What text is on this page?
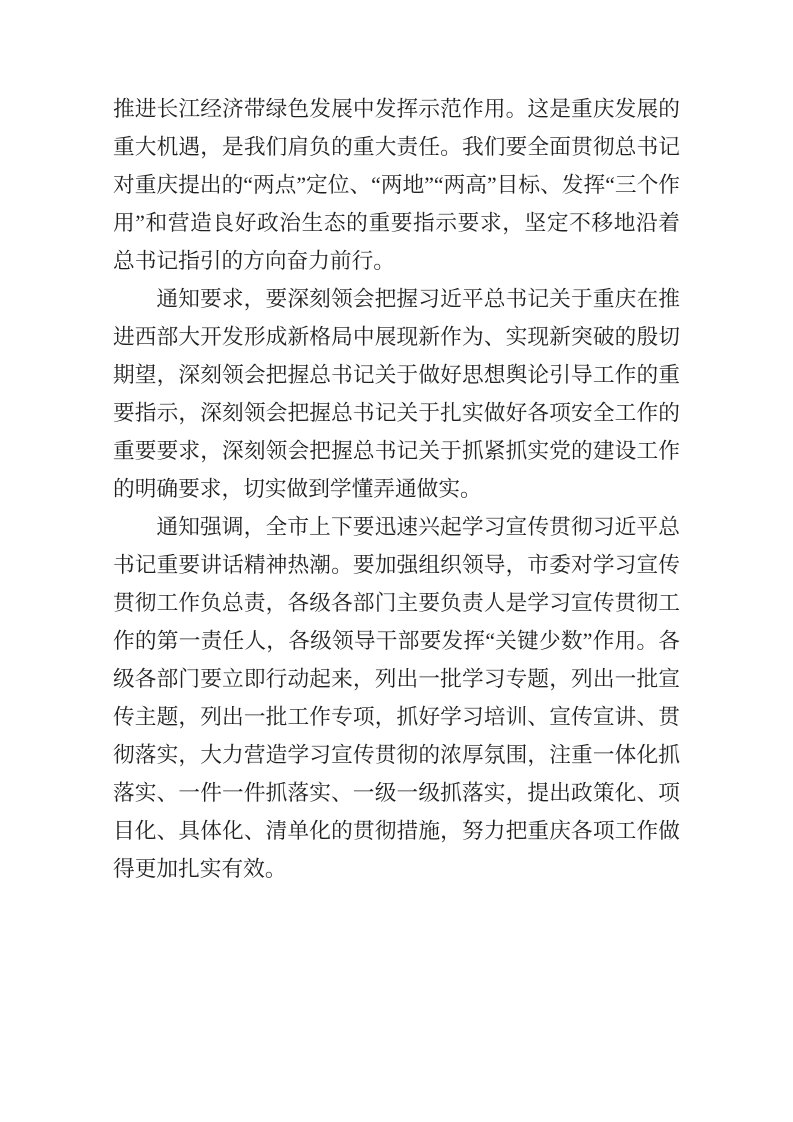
推进长江经济带绿色发展中发挥示范作用。这是重庆发展的重大机遇，是我们肩负的重大责任。我们要全面贯彻总书记对重庆提出的“两点”定位、“两地”“两高”目标、发挥“三个作用”和营造良好政治生态的重要指示要求，坚定不移地沿着总书记指引的方向奋力前行。

通知要求，要深刻领会把握习近平总书记关于重庆在推进西部大开发形成新格局中展现新作为、实现新突破的殷切期望，深刻领会把握总书记关于做好思想舆论引导工作的重要指示，深刻领会把握总书记关于扎实做好各项安全工作的重要要求，深刻领会把握总书记关于抓紧抓实党的建设工作的明确要求，切实做到学懂弄通做实。

通知强调，全市上下要迅速兴起学习宣传贯彻习近平总书记重要讲话精神热潮。要加强组织领导，市委对学习宣传贯彻工作负总责，各级各部门主要负责人是学习宣传贯彻工作的第一责任人，各级领导干部要发挥“关键少数”作用。各级各部门要立即行动起来，列出一批学习专题，列出一批宣传主题，列出一批工作专项，抓好学习培训、宣传宣讲、贯彻落实，大力营造学习宣传贯彻的浓厚氛围，注重一体化抓落实、一件一件抓落实、一级一级抓落实，提出政策化、项目化、具体化、清单化的贯彻措施，努力把重庆各项工作做得更加扎实有效。
